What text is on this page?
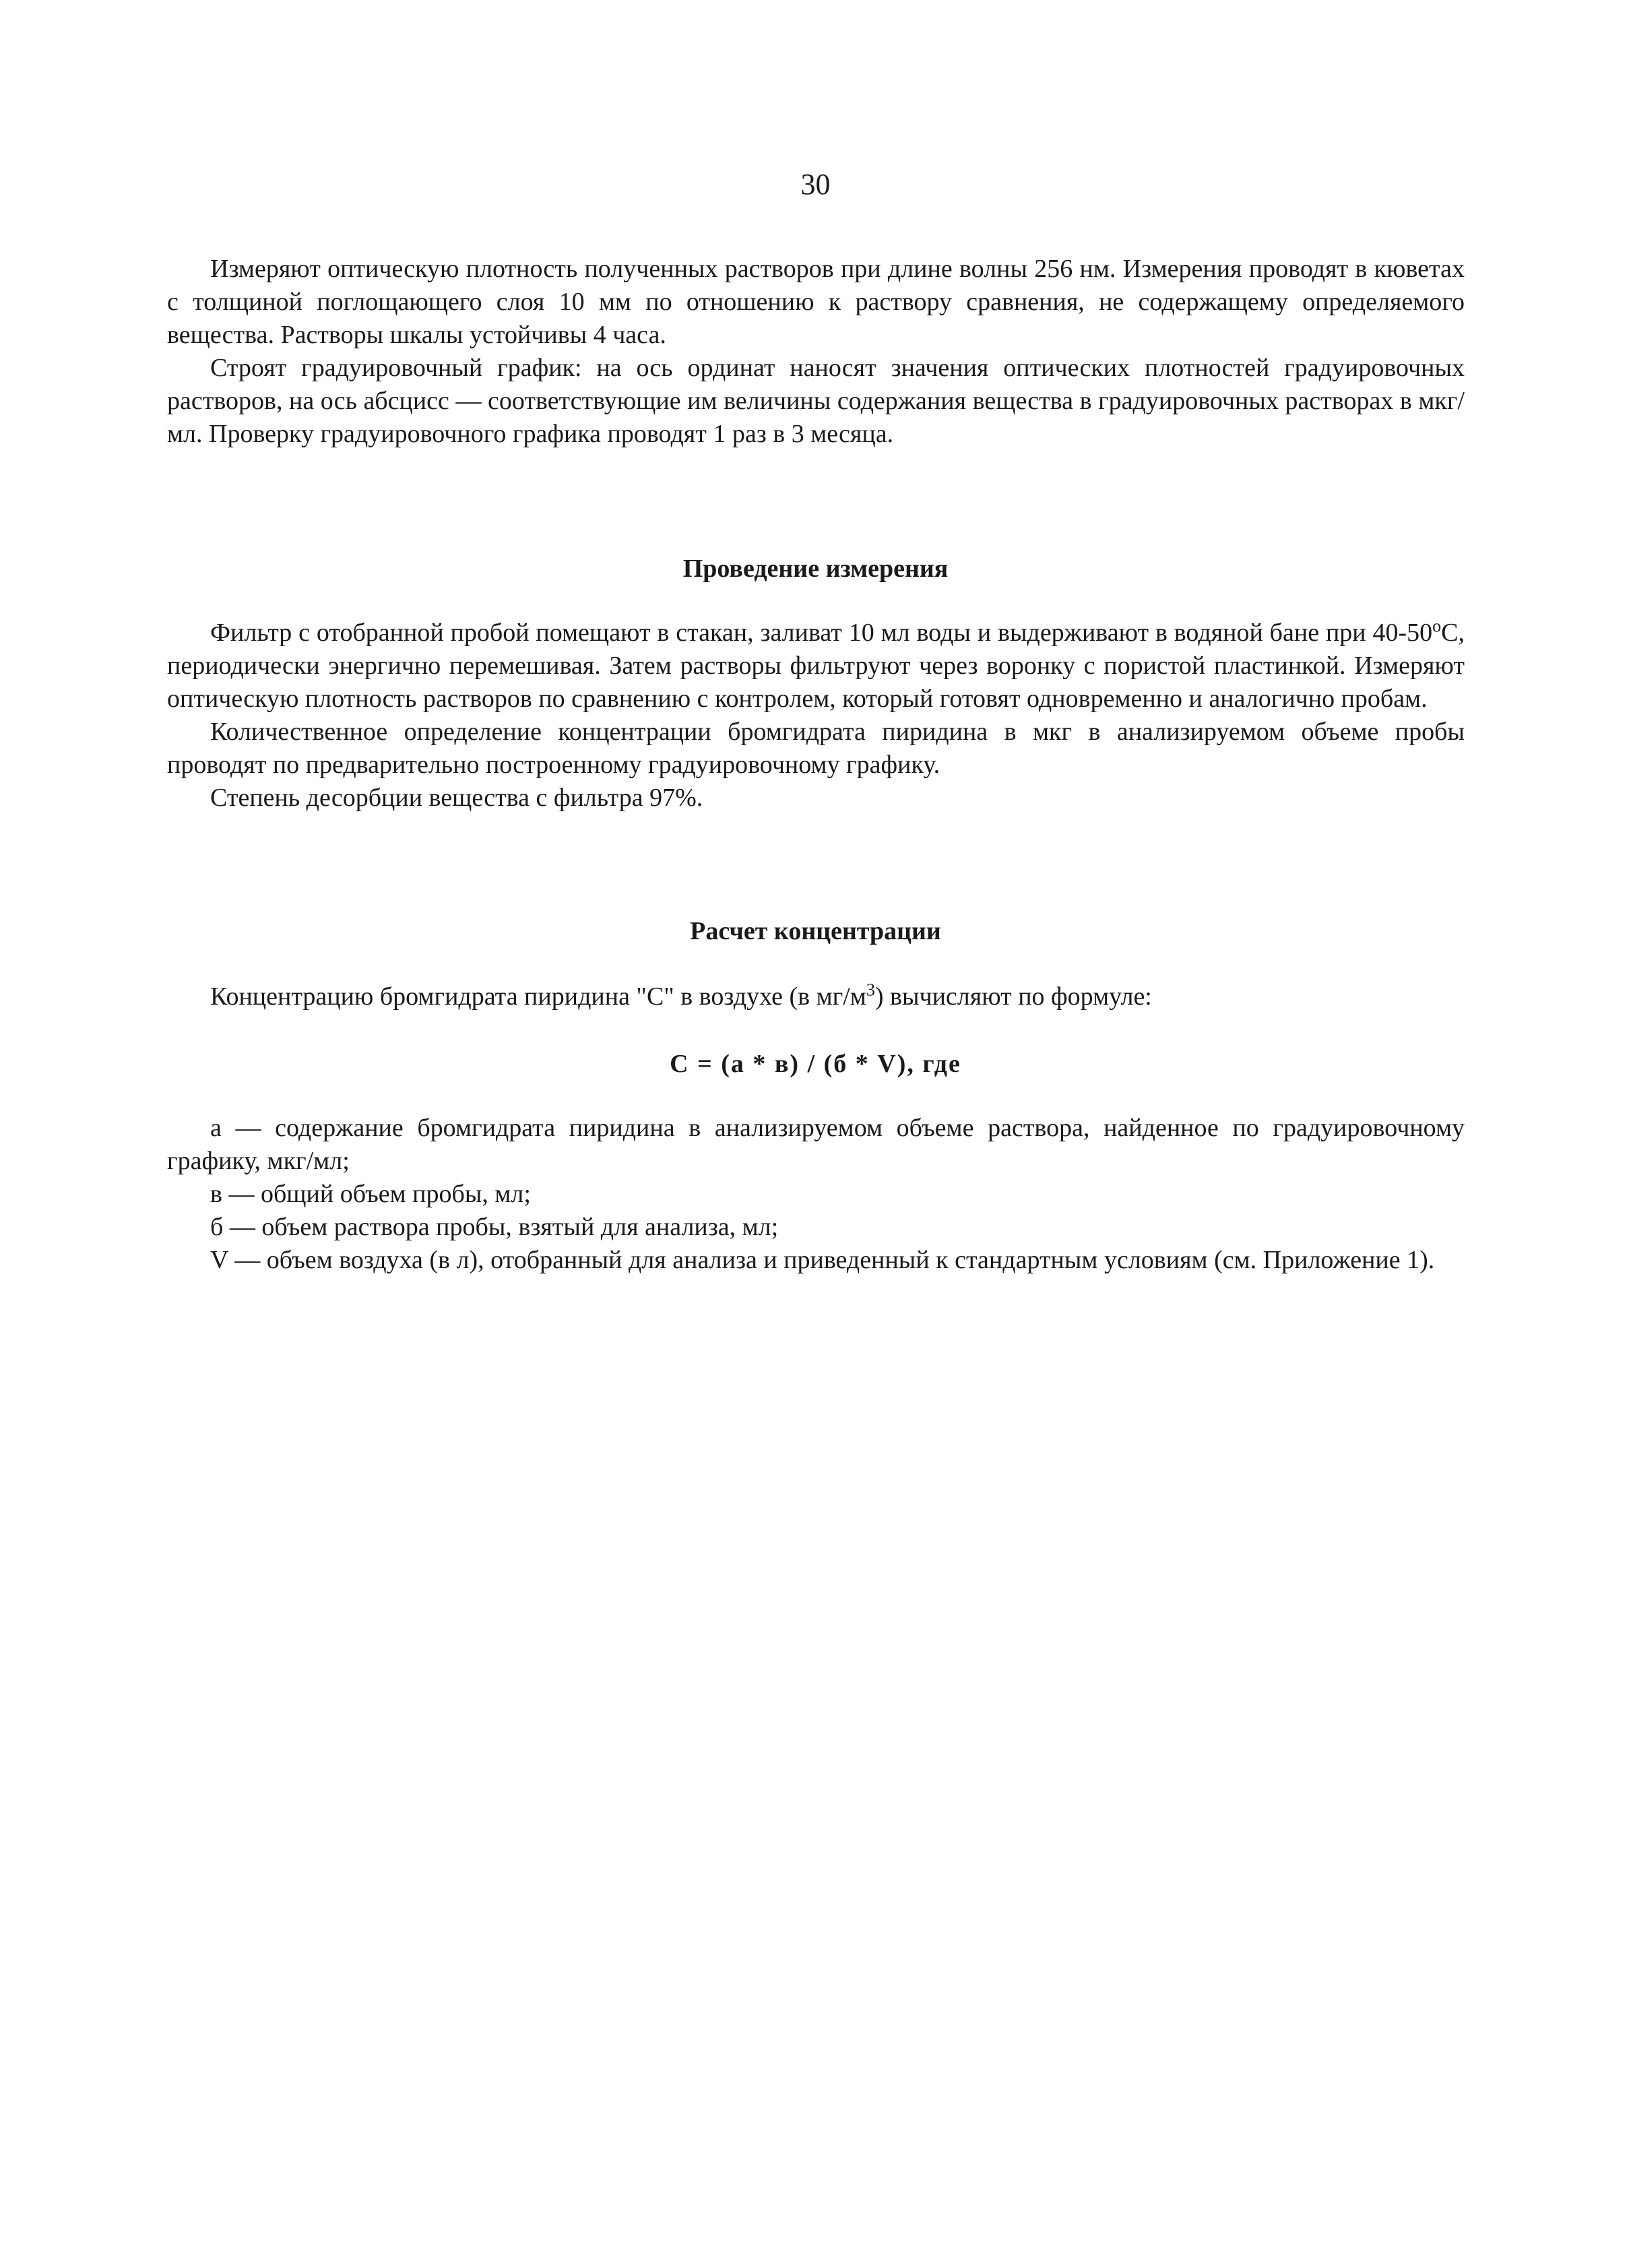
30

Измеряют оптическую плотность полученных растворов при длине волны 256 нм. Измерения проводят в кюветах с толщиной поглощающего слоя 10 мм по отношению к раствору сравнения, не содержащему определяемого вещества. Растворы шкалы устойчивы 4 часа.

Строят градуировочный график: на ось ординат наносят значения оптических плотностей градуировочных растворов, на ось абсцисс — соответствующие им величины содержания вещества в градуировочных растворах в мкг/мл. Проверку градуировочного графика проводят 1 раз в 3 месяца.

Проведение измерения

Фильтр с отобранной пробой помещают в стакан, заливат 10 мл воды и выдерживают в водяной бане при $40-50^оС$, периодически энергично перемешивая. Затем растворы фильтруют через воронку с пористой пластинкой. Измеряют оптическую плотность растворов по сравнению с контролем, который готовят одновременно и аналогично пробам.

Количественное определение концентрации бромгидрата пиридина в мкг в анализируемом объеме пробы проводят по предварительно построенному градуировочному графику.

Степень десорбции вещества с фильтра 97%.

Расчет концентрации
Концентрацию бромгидрата пиридина "С" в воздухе (в $мг/м^3$) вычисляют по формуле:
С = (а * в) / (б * V), где

а — содержание бромгидрата пиридина в анализируемом объеме раствора, найденное по градуировочному графику, мкг/мл;

в — общий объем пробы, мл;

б — объем раствора пробы, взятый для анализа, мл;

V — объем воздуха (в л), отобранный для анализа и приведенный к стандартным условиям (см. Приложение 1).
